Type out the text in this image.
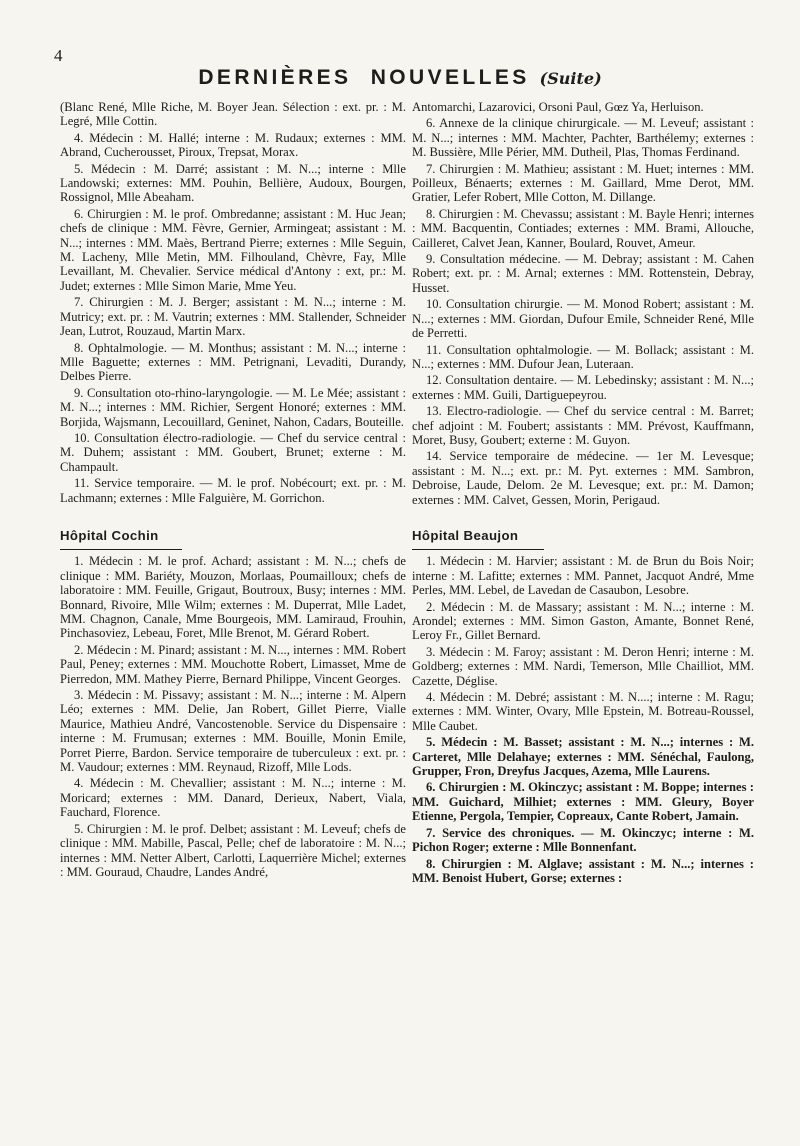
4
DERNIÈRES NOUVELLES (Suite)

(Blanc René, Mlle Riche, M. Boyer Jean. Sélection : ext. pr. : M. Legré, Mlle Cottin.

4. Médecin : M. Hallé; interne : M. Rudaux; externes : MM. Abrand, Cucherousset, Piroux, Trepsat, Morax.

5. Médecin : M. Darré; assistant : M. N...; interne : Mlle Landowski; externes: MM. Pouhin, Bellière, Audoux, Bourgen, Rossignol, Mlle Abeaham.

6. Chirurgien : M. le prof. Ombredanne; assistant : M. Huc Jean; chefs de clinique : MM. Fèvre, Gernier, Armingeat; assistant : M. N...; internes : MM. Maès, Bertrand Pierre; externes : Mlle Seguin, M. Lacheny, Mlle Metin, MM. Filhouland, Chèvre, Fay, Mlle Levaillant, M. Chevalier. Service médical d'Antony : ext, pr.: M. Judet; externes : Mlle Simon Marie, Mme Yeu.

7. Chirurgien : M. J. Berger; assistant : M. N...; interne : M. Mutricy; ext. pr. : M. Vautrin; externes : MM. Stallender, Schneider Jean, Lutrot, Rouzaud, Martin Marx.

8. Ophtalmologie. — M. Monthus; assistant : M. N...; interne : Mlle Baguette; externes : MM. Petrignani, Levaditi, Durandy, Delbes Pierre.

9. Consultation oto-rhino-laryngologie. — M. Le Mée; assistant : M. N...; internes : MM. Richier, Sergent Honoré; externes : MM. Borjida, Wajsmann, Lecouillard, Geninet, Nahon, Cadars, Bouteille.

10. Consultation électro-radiologie. — Chef du service central : M. Duhem; assistant : MM. Goubert, Brunet; externe : M. Champault.

11. Service temporaire. — M. le prof. Nobécourt; ext. pr. : M. Lachmann; externes : Mlle Falguière, M. Gorrichon.

Hôpital Cochin

1. Médecin : M. le prof. Achard; assistant : M. N...; chefs de clinique : MM. Bariéty, Mouzon, Morlaas, Poumailloux; chefs de laboratoire : MM. Feuille, Grigaut, Boutroux, Busy; internes : MM. Bonnard, Rivoire, Mlle Wilm; externes : M. Duperrat, Mlle Ladet, MM. Chagnon, Canale, Mme Bourgeois, MM. Lamiraud, Frouhin, Pinchasoviez, Lebeau, Foret, Mlle Brenot, M. Gérard Robert.

2. Médecin : M. Pinard; assistant : M. N..., internes : MM. Robert Paul, Peney; externes : MM. Mouchotte Robert, Limasset, Mme de Pierredon, MM. Mathey Pierre, Bernard Philippe, Vincent Georges.

3. Médecin : M. Pissavy; assistant : M. N...; interne : M. Alpern Léo; externes : MM. Delie, Jan Robert, Gillet Pierre, Vialle Maurice, Mathieu André, Vancostenoble. Service du Dispensaire : interne : M. Frumusan; externes : MM. Bouille, Monin Emile, Porret Pierre, Bardon. Service temporaire de tuberculeux : ext. pr. : M. Vaudour; externes : MM. Reynaud, Rizoff, Mlle Lods.

4. Médecin : M. Chevallier; assistant : M. N...; interne : M. Moricard; externes : MM. Danard, Derieux, Nabert, Viala, Fauchard, Florence.

5. Chirurgien : M. le prof. Delbet; assistant : M. Leveuf; chefs de clinique : MM. Mabille, Pascal, Pelle; chef de laboratoire : M. N...; internes : MM. Netter Albert, Carlotti, Laquerrière Michel; externes : MM. Gouraud, Chaudre, Landes André,

Antomarchi, Lazarovici, Orsoni Paul, Gœz Ya, Herluison.

6. Annexe de la clinique chirurgicale. — M. Leveuf; assistant : M. N...; internes : MM. Machter, Pachter, Barthélemy; externes : M. Bussière, Mlle Périer, MM. Dutheil, Plas, Thomas Ferdinand.

7. Chirurgien : M. Mathieu; assistant : M. Huet; internes : MM. Poilleux, Bénaerts; externes : M. Gaillard, Mme Derot, MM. Gratier, Lefer Robert, Mlle Cotton, M. Dillange.

8. Chirurgien : M. Chevassu; assistant : M. Bayle Henri; internes : MM. Bacquentin, Contiades; externes : MM. Brami, Allouche, Cailleret, Calvet Jean, Kanner, Boulard, Rouvet, Ameur.

9. Consultation médecine. — M. Debray; assistant : M. Cahen Robert; ext. pr. : M. Arnal; externes : MM. Rottenstein, Debray, Husset.

10. Consultation chirurgie. — M. Monod Robert; assistant : M. N...; externes : MM. Giordan, Dufour Emile, Schneider René, Mlle de Perretti.

11. Consultation ophtalmologie. — M. Bollack; assistant : M. N...; externes : MM. Dufour Jean, Luteraan.

12. Consultation dentaire. — M. Lebedinsky; assistant : M. N...; externes : MM. Guili, Dartiguepeyrou.

13. Electro-radiologie. — Chef du service central : M. Barret; chef adjoint : M. Foubert; assistants : MM. Prévost, Kauffmann, Moret, Busy, Goubert; externe : M. Guyon.

14. Service temporaire de médecine. — 1er M. Levesque; assistant : M. N...; ext. pr.: M. Pyt. externes : MM. Sambron, Debroise, Laude, Delom. 2e M. Levesque; ext. pr.: M. Damon; externes : MM. Calvet, Gessen, Morin, Perigaud.

Hôpital Beaujon

1. Médecin : M. Harvier; assistant : M. de Brun du Bois Noir; interne : M. Lafitte; externes : MM. Pannet, Jacquot André, Mme Perles, MM. Lebel, de Lavedan de Casaubon, Lesobre.

2. Médecin : M. de Massary; assistant : M. N...; interne : M. Arondel; externes : MM. Simon Gaston, Amante, Bonnet René, Leroy Fr., Gillet Bernard.

3. Médecin : M. Faroy; assistant : M. Deron Henri; interne : M. Goldberg; externes : MM. Nardi, Temerson, Mlle Chailliot, MM. Cazette, Déglise.

4. Médecin : M. Debré; assistant : M. N....; interne : M. Ragu; externes : MM. Winter, Ovary, Mlle Epstein, M. Botreau-Roussel, Mlle Caubet.

5. Médecin : M. Basset; assistant : M. N...; internes : M. Carteret, Mlle Delahaye; externes : MM. Sénéchal, Faulong, Grupper, Fron, Dreyfus Jacques, Azema, Mlle Laurens.

6. Chirurgien : M. Okinczyc; assistant : M. Boppe; internes : MM. Guichard, Milhiet; externes : MM. Gleury, Boyer Etienne, Pergola, Tempier, Copreaux, Cante Robert, Jamain.

7. Service des chroniques. — M. Okinczyc; interne : M. Pichon Roger; externe : Mlle Bonnenfant.

8. Chirurgien : M. Alglave; assistant : M. N...; internes : MM. Benoist Hubert, Gorse; externes :
